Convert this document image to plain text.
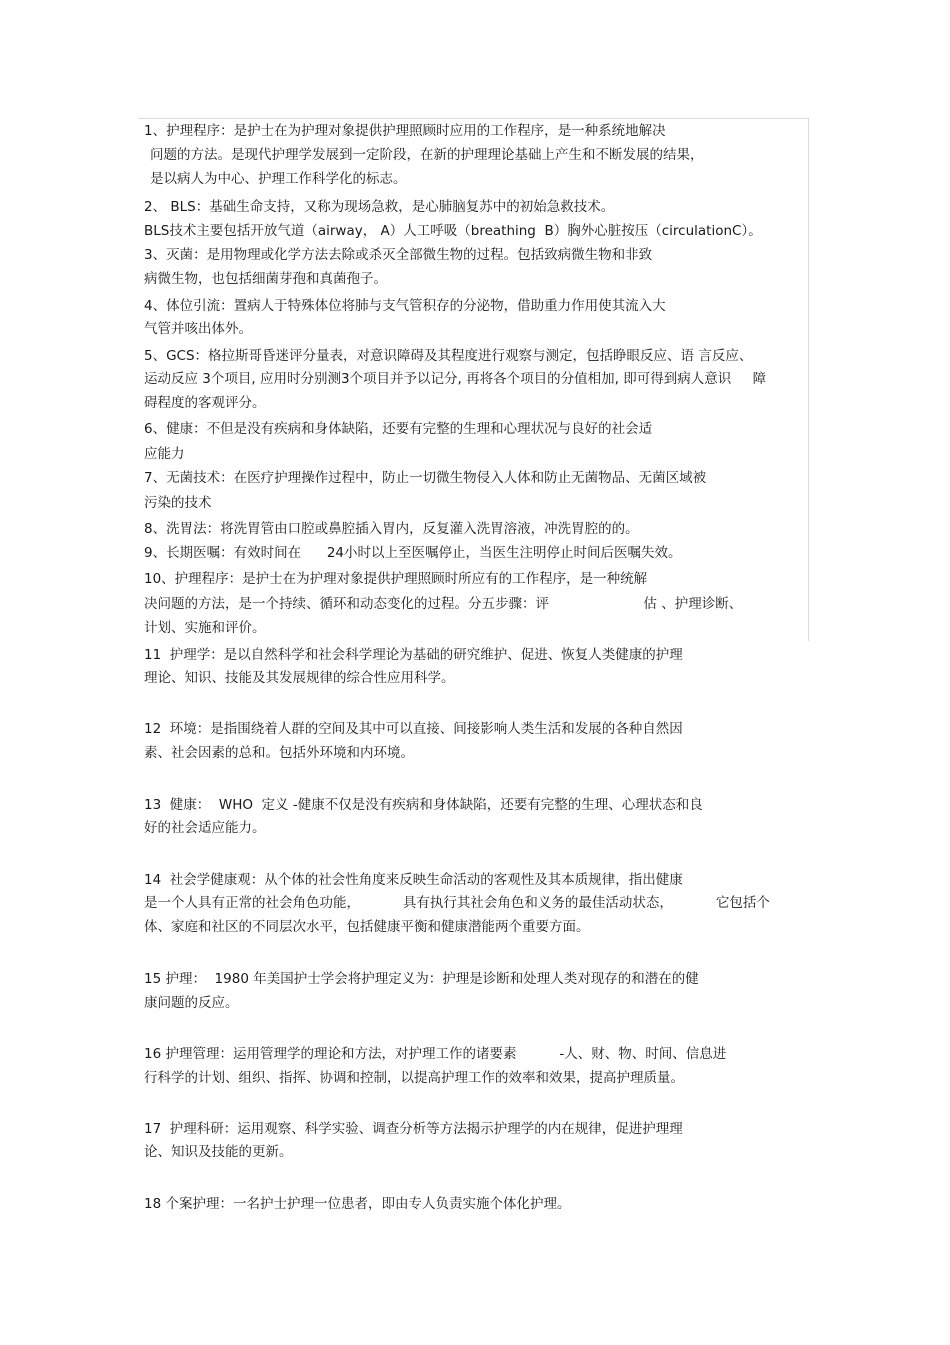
1、护理程序：是护士在为护理对象提供护理照顾时应用的工作程序，是一种系统地解决
问题的方法。是现代护理学发展到一定阶段，在新的护理理论基础上产生和不断发展的结果，
是以病人为中心、护理工作科学化的标志。
2、 BLS：基础生命支持，又称为现场急救，是心肺脑复苏中的初始急救技术。
BLS技术主要包括开放气道（airway， A）人工呼吸（breathing  B）胸外心脏按压（circulationC）。
3、灭菌：是用物理或化学方法去除或杀灭全部微生物的过程。包括致病微生物和非致
病微生物，也包括细菌芽孢和真菌孢子。
4、体位引流：置病人于特殊体位将肺与支气管积存的分泌物，借助重力作用使其流入大
气管并咳出体外。
5、GCS：格拉斯哥昏迷评分量表，对意识障碍及其程度进行观察与测定，包括睁眼反应、语 言反应、
运动反应 3个项目, 应用时分别测3个项目并予以记分, 再将各个项目的分值相加, 即可得到病人意识     障
碍程度的客观评分。
6、健康：不但是没有疾病和身体缺陷，还要有完整的生理和心理状况与良好的社会适
应能力
7、无菌技术：在医疗护理操作过程中，防止一切微生物侵入人体和防止无菌物品、无菌区域被
污染的技术
8、洗胃法：将洗胃管由口腔或鼻腔插入胃内，反复灌入洗胃溶液，冲洗胃腔的的。
9、长期医嘱：有效时间在      24小时以上至医嘱停止，当医生注明停止时间后医嘱失效。
10、护理程序：是护士在为护理对象提供护理照顾时所应有的工作程序，是一种统解
决问题的方法，是一个持续、循环和动态变化的过程。分五步骤：评                      估 、护理诊断、
计划、实施和评价。
11  护理学：是以自然科学和社会科学理论为基础的研究维护、促进、恢复人类健康的护理
理论、知识、技能及其发展规律的综合性应用科学。
12  环境：是指围绕着人群的空间及其中可以直接、间接影响人类生活和发展的各种自然因
素、社会因素的总和。包括外环境和内环境。
13  健康：  WHO  定义 -健康不仅是没有疾病和身体缺陷，还要有完整的生理、心理状态和良
好的社会适应能力。
14  社会学健康观：从个体的社会性角度来反映生命活动的客观性及其本质规律，指出健康
是一个人具有正常的社会角色功能，          具有执行其社会角色和义务的最佳活动状态，          它包括个
体、家庭和社区的不同层次水平，包括健康平衡和健康潜能两个重要方面。
15 护理：  1980 年美国护士学会将护理定义为：护理是诊断和处理人类对现存的和潜在的健
康问题的反应。
16 护理管理：运用管理学的理论和方法，对护理工作的诸要素          -人、财、物、时间、信息进
行科学的计划、组织、指挥、协调和控制，以提高护理工作的效率和效果，提高护理质量。
17  护理科研：运用观察、科学实验、调查分析等方法揭示护理学的内在规律，促进护理理
论、知识及技能的更新。
18 个案护理：一名护士护理一位患者，即由专人负责实施个体化护理。
